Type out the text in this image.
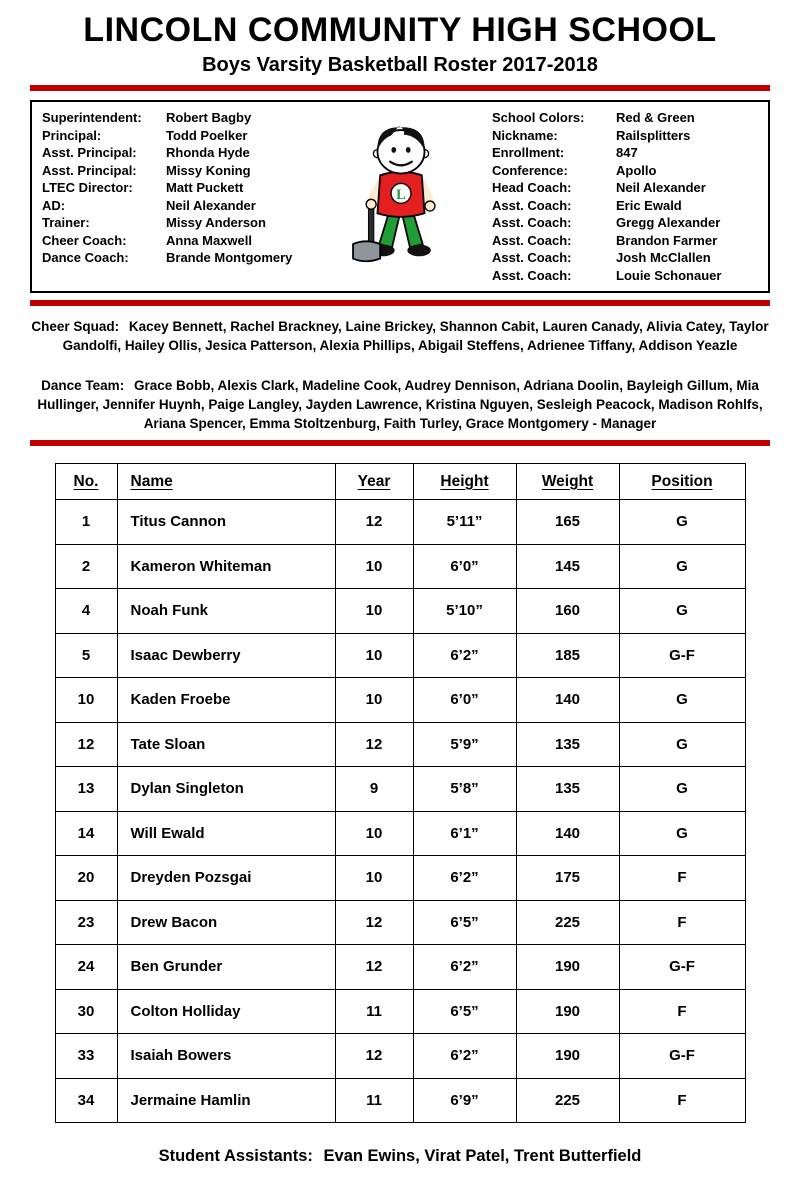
LINCOLN COMMUNITY HIGH SCHOOL
Boys Varsity Basketball Roster 2017-2018
Superintendent:	Robert Bagby
Principal:	Todd Poelker
Asst. Principal:	Rhonda Hyde
Asst. Principal:	Missy Koning
LTEC Director:	Matt Puckett
AD:	Neil Alexander
Trainer:	Missy Anderson
Cheer Coach:	Anna Maxwell
Dance Coach:	Brande Montgomery
L
School Colors:	Red & Green
Nickname:	Railsplitters
Enrollment:	847
Conference:	Apollo
Head Coach:	Neil Alexander
Asst. Coach:	Eric Ewald
Asst. Coach:	Gregg Alexander
Asst. Coach:	Brandon Farmer
Asst. Coach:	Josh McClallen
Asst. Coach:	Louie Schonauer

Cheer Squad: Kacey Bennett, Rachel Brackney, Laine Brickey, Shannon Cabit, Lauren Canady, Alivia Catey, Taylor Gandolfi, Hailey Ollis, Jesica Patterson, Alexia Phillips, Abigail Steffens, Adrienee Tiffany, Addison Yeazle

Dance Team: Grace Bobb, Alexis Clark, Madeline Cook, Audrey Dennison, Adriana Doolin, Bayleigh Gillum, Mia Hullinger, Jennifer Huynh, Paige Langley, Jayden Lawrence, Kristina Nguyen, Sesleigh Peacock, Madison Rohlfs, Ariana Spencer, Emma Stoltzenburg, Faith Turley, Grace Montgomery - Manager

No.	Name	Year	Height	Weight	Position
1	Titus Cannon	12	5’11”	165	G
2	Kameron Whiteman	10	6’0”	145	G
4	Noah Funk	10	5’10”	160	G
5	Isaac Dewberry	10	6’2”	185	G-F
10	Kaden Froebe	10	6’0”	140	G
12	Tate Sloan	12	5’9”	135	G
13	Dylan Singleton	9	5’8”	135	G
14	Will Ewald	10	6’1”	140	G
20	Dreyden Pozsgai	10	6’2”	175	F
23	Drew Bacon	12	6’5”	225	F
24	Ben Grunder	12	6’2”	190	G-F
30	Colton Holliday	11	6’5”	190	F
33	Isaiah Bowers	12	6’2”	190	G-F
34	Jermaine Hamlin	11	6’9”	225	F

Student Assistants: Evan Ewins, Virat Patel, Trent Butterfield
